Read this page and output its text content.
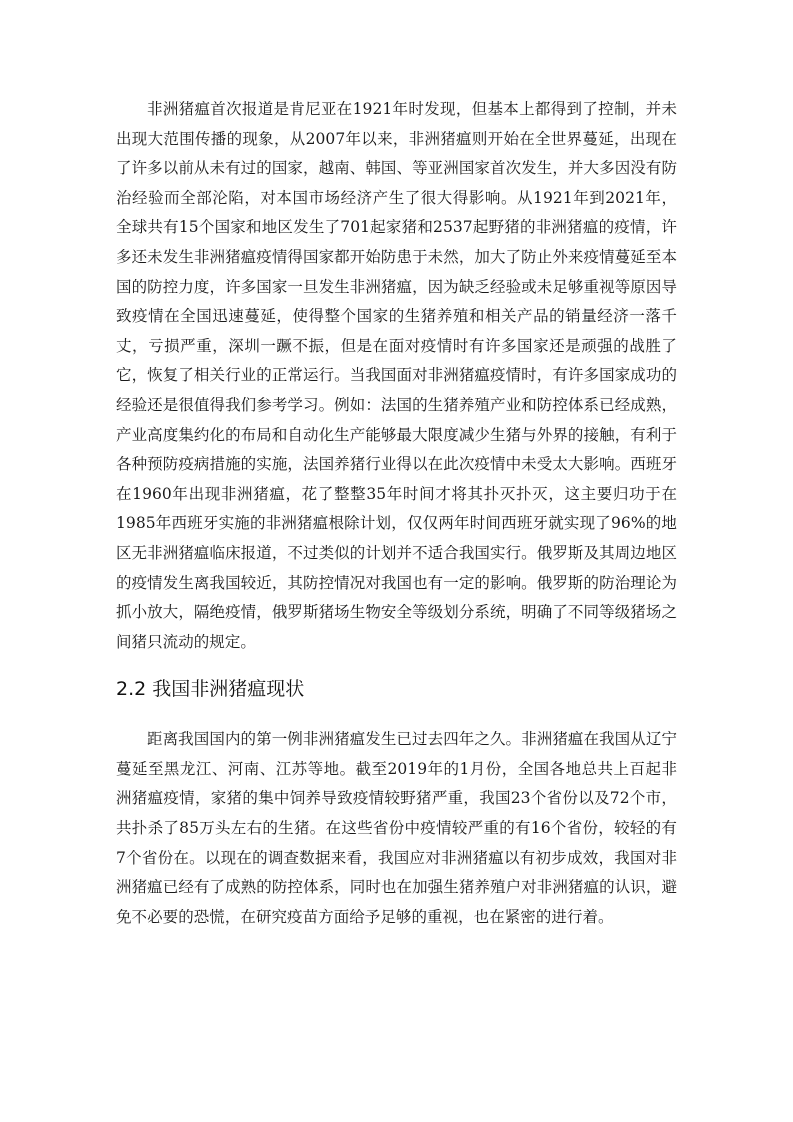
非洲猪瘟首次报道是肯尼亚在1921年时发现，但基本上都得到了控制，并未出现大范围传播的现象，从2007年以来，非洲猪瘟则开始在全世界蔓延，出现在了许多以前从未有过的国家，越南、韩国、等亚洲国家首次发生，并大多因没有防治经验而全部沦陷，对本国市场经济产生了很大得影响。从1921年到2021年，全球共有15个国家和地区发生了701起家猪和2537起野猪的非洲猪瘟的疫情，许多还未发生非洲猪瘟疫情得国家都开始防患于未然，加大了防止外来疫情蔓延至本国的防控力度，许多国家一旦发生非洲猪瘟，因为缺乏经验或未足够重视等原因导致疫情在全国迅速蔓延，使得整个国家的生猪养殖和相关产品的销量经济一落千丈，亏损严重，深圳一蹶不振，但是在面对疫情时有许多国家还是顽强的战胜了它，恢复了相关行业的正常运行。当我国面对非洲猪瘟疫情时，有许多国家成功的经验还是很值得我们参考学习。例如：法国的生猪养殖产业和防控体系已经成熟，产业高度集约化的布局和自动化生产能够最大限度减少生猪与外界的接触，有利于各种预防疫病措施的实施，法国养猪行业得以在此次疫情中未受太大影响。西班牙在1960年出现非洲猪瘟，花了整整35年时间才将其扑灭扑灭，这主要归功于在1985年西班牙实施的非洲猪瘟根除计划，仅仅两年时间西班牙就实现了96%的地区无非洲猪瘟临床报道，不过类似的计划并不适合我国实行。俄罗斯及其周边地区的疫情发生离我国较近，其防控情况对我国也有一定的影响。俄罗斯的防治理论为抓小放大，隔绝疫情，俄罗斯猪场生物安全等级划分系统，明确了不同等级猪场之间猪只流动的规定。

2.2 我国非洲猪瘟现状

距离我国国内的第一例非洲猪瘟发生已过去四年之久。非洲猪瘟在我国从辽宁蔓延至黑龙江、河南、江苏等地。截至2019年的1月份，全国各地总共上百起非洲猪瘟疫情，家猪的集中饲养导致疫情较野猪严重，我国23个省份以及72个市，共扑杀了85万头左右的生猪。在这些省份中疫情较严重的有16个省份，较轻的有7个省份在。以现在的调查数据来看，我国应对非洲猪瘟以有初步成效，我国对非洲猪瘟已经有了成熟的防控体系，同时也在加强生猪养殖户对非洲猪瘟的认识，避免不必要的恐慌，在研究疫苗方面给予足够的重视，也在紧密的进行着。
